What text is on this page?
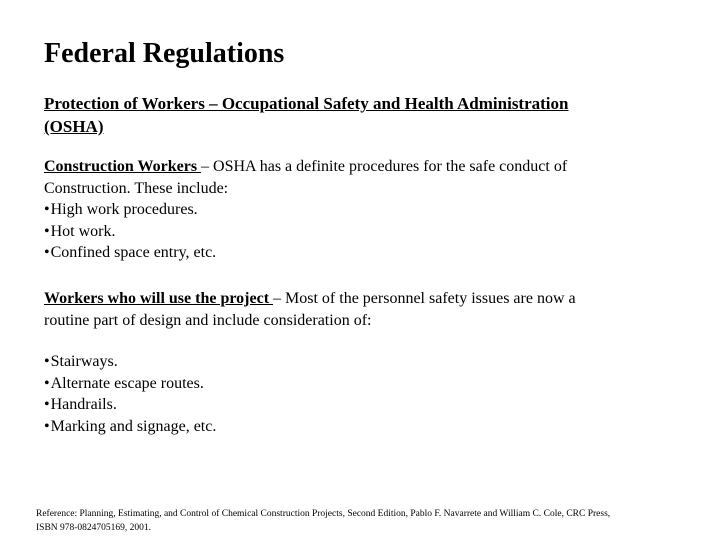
Federal Regulations
Protection of Workers – Occupational Safety and Health Administration
(OSHA)
Construction Workers – OSHA has a definite procedures for the safe conduct of
Construction. These include:
•High work procedures.
•Hot work.
•Confined space entry, etc.
Workers who will use the project – Most of the personnel safety issues are now a
routine part of design and include consideration of:
•Stairways.
•Alternate escape routes.
•Handrails.
•Marking and signage, etc.
Reference: Planning, Estimating, and Control of Chemical Construction Projects, Second Edition, Pablo F. Navarrete and William C. Cole, CRC Press,
ISBN 978-0824705169, 2001.
